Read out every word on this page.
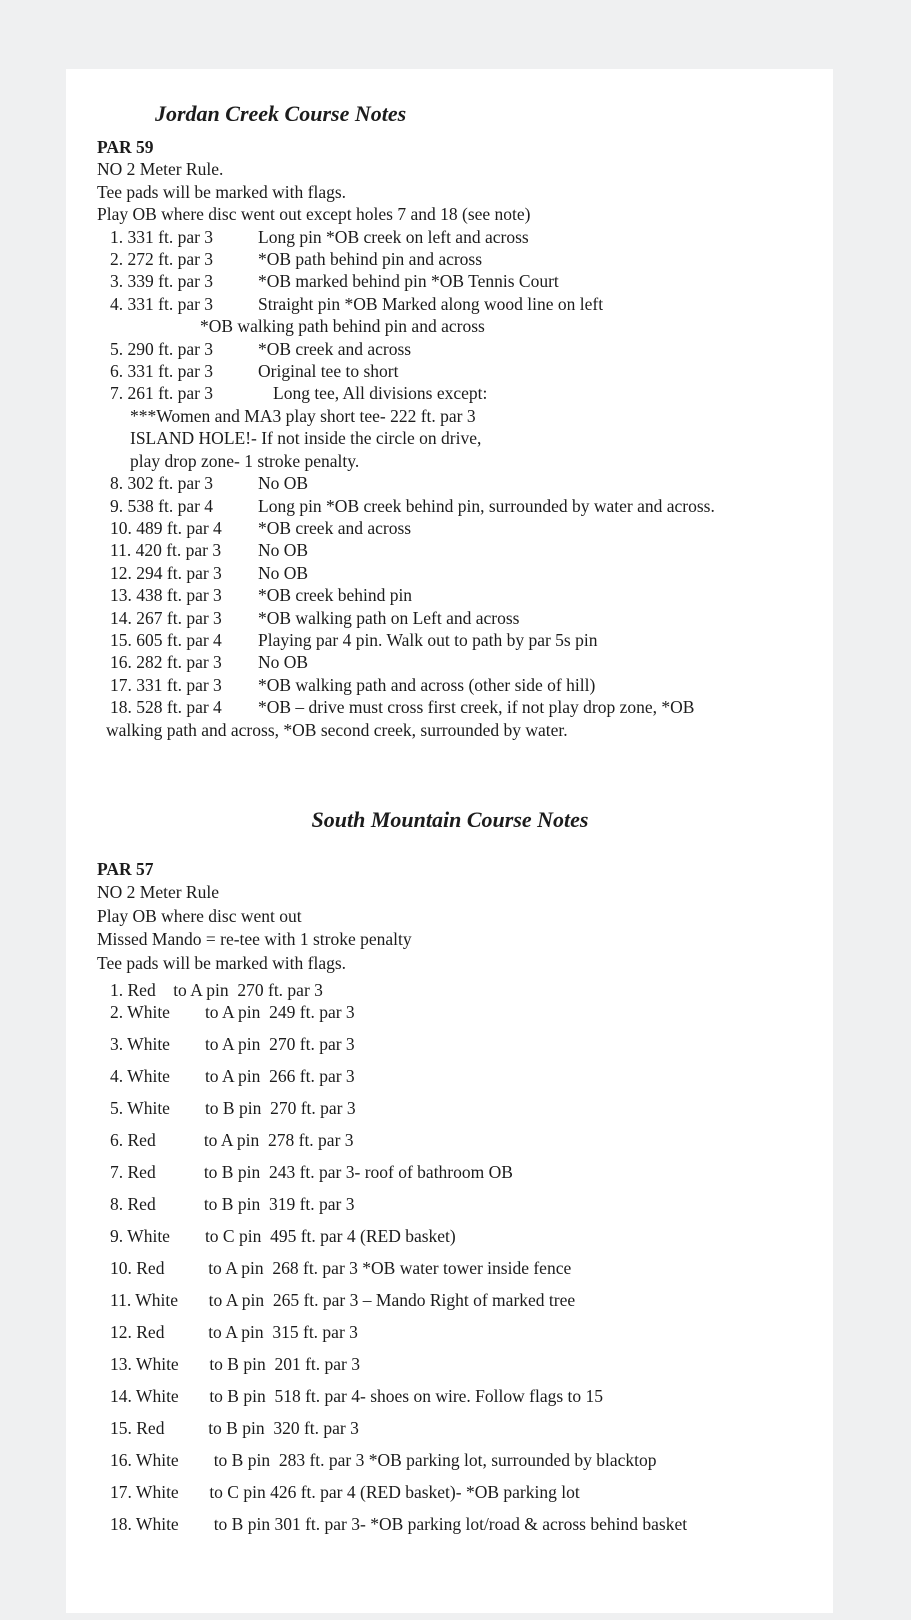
Jordan Creek Course Notes
PAR 59
NO 2 Meter Rule.
Tee pads will be marked with flags.
Play OB where disc went out except holes 7 and 18 (see note)
1. 331 ft. par 3	Long pin *OB creek on left and across
2. 272 ft. par 3	*OB path behind pin and across
3. 339 ft. par 3	*OB marked behind pin *OB Tennis Court
4. 331 ft. par 3	Straight pin *OB Marked along wood line on left
*OB walking path behind pin and across
5. 290 ft. par 3	*OB creek and across
6. 331 ft. par 3	Original tee to short
7. 261 ft. par 3	Long tee, All divisions except:
***Women and MA3 play short tee- 222 ft. par 3
ISLAND HOLE!- If not inside the circle on drive,
play drop zone- 1 stroke penalty.
8. 302 ft. par 3	No OB
9. 538 ft. par 4	Long pin *OB creek behind pin, surrounded by water and across.
10. 489 ft. par 4	*OB creek and across
11. 420 ft. par 3	No OB
12. 294 ft. par 3	No OB
13. 438 ft. par 3	*OB creek behind pin
14. 267 ft. par 3	*OB walking path on Left and across
15. 605 ft. par 4	Playing par 4 pin. Walk out to path by par 5s pin
16. 282 ft. par 3	No OB
17. 331 ft. par 3	*OB walking path and across (other side of hill)
18. 528 ft. par 4	*OB – drive must cross first creek, if not play drop zone, *OB
walking path and across, *OB second creek, surrounded by water.
South Mountain Course Notes
PAR 57
NO 2 Meter Rule
Play OB where disc went out
Missed Mando = re-tee with 1 stroke penalty
Tee pads will be marked with flags.
1. Red    to A pin  270 ft. par 3
2. White        to A pin  249 ft. par 3
3. White        to A pin  270 ft. par 3
4. White        to A pin  266 ft. par 3
5. White        to B pin  270 ft. par 3
6. Red           to A pin  278 ft. par 3
7. Red           to B pin  243 ft. par 3- roof of bathroom OB
8. Red           to B pin  319 ft. par 3
9. White        to C pin  495 ft. par 4 (RED basket)
10. Red          to A pin  268 ft. par 3 *OB water tower inside fence
11. White       to A pin  265 ft. par 3 – Mando Right of marked tree
12. Red          to A pin  315 ft. par 3
13. White       to B pin  201 ft. par 3
14. White       to B pin  518 ft. par 4- shoes on wire. Follow flags to 15
15. Red          to B pin  320 ft. par 3
16. White        to B pin  283 ft. par 3 *OB parking lot, surrounded by blacktop
17. White       to C pin 426 ft. par 4 (RED basket)- *OB parking lot
18. White        to B pin 301 ft. par 3- *OB parking lot/road & across behind basket
